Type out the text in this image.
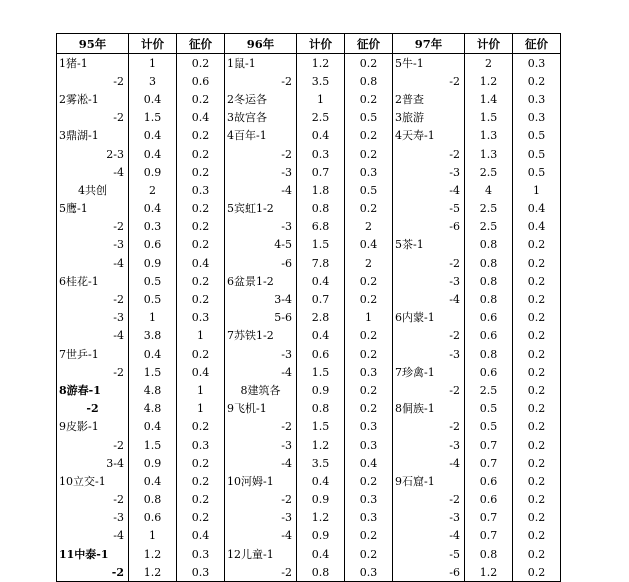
95年	计价	征价	96年	计价	征价	97年	计价	征价
1猪-1	1	0.2	1鼠-1	1.2	0.2	5牛-1	2	0.3
-2	3	0.6	-2	3.5	0.8	-2	1.2	0.2
2雾凇-1	0.4	0.2	2冬运各	1	0.2	2普查	1.4	0.3
-2	1.5	0.4	3故宫各	2.5	0.5	3旅游	1.5	0.3
3鼎湖-1	0.4	0.2	4百年-1	0.4	0.2	4天寿-1	1.3	0.5
2-3	0.4	0.2	-2	0.3	0.2	-2	1.3	0.5
-4	0.9	0.2	-3	0.7	0.3	-3	2.5	0.5
4共创	2	0.3	-4	1.8	0.5	-4	4	1
5鹰-1	0.4	0.2	5宾虹1-2	0.8	0.2	-5	2.5	0.4
-2	0.3	0.2	-3	6.8	2	-6	2.5	0.4
-3	0.6	0.2	4-5	1.5	0.4	5茶-1	0.8	0.2
-4	0.9	0.4	-6	7.8	2	-2	0.8	0.2
6桂花-1	0.5	0.2	6盆景1-2	0.4	0.2	-3	0.8	0.2
-2	0.5	0.2	3-4	0.7	0.2	-4	0.8	0.2
-3	1	0.3	5-6	2.8	1	6内蒙-1	0.6	0.2
-4	3.8	1	7苏铁1-2	0.4	0.2	-2	0.6	0.2
7世乒-1	0.4	0.2	-3	0.6	0.2	-3	0.8	0.2
-2	1.5	0.4	-4	1.5	0.3	7珍禽-1	0.6	0.2
8游春-1	4.8	1	8建筑各	0.9	0.2	-2	2.5	0.2
-2	4.8	1	9飞机-1	0.8	0.2	8侗族-1	0.5	0.2
9皮影-1	0.4	0.2	-2	1.5	0.3	-2	0.5	0.2
-2	1.5	0.3	-3	1.2	0.3	-3	0.7	0.2
3-4	0.9	0.2	-4	3.5	0.4	-4	0.7	0.2
10立交-1	0.4	0.2	10河姆-1	0.4	0.2	9石窟-1	0.6	0.2
-2	0.8	0.2	-2	0.9	0.3	-2	0.6	0.2
-3	0.6	0.2	-3	1.2	0.3	-3	0.7	0.2
-4	1	0.4	-4	0.9	0.2	-4	0.7	0.2
11中泰-1	1.2	0.3	12儿童-1	0.4	0.2	-5	0.8	0.2
-2	1.2	0.3	-2	0.8	0.3	-6	1.2	0.2
